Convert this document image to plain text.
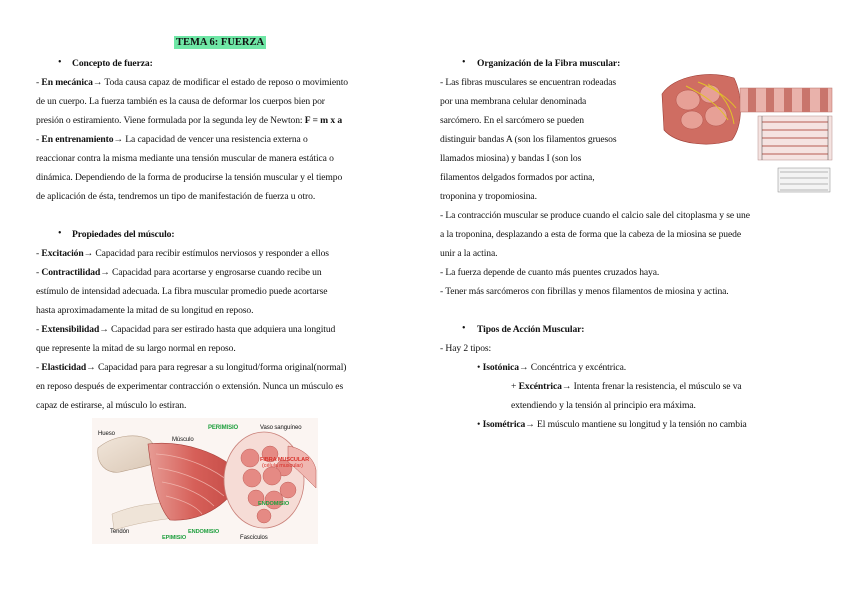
TEMA 6: FUERZA
• Concepto de fuerza:
- En mecánica→ Toda causa capaz de modificar el estado de reposo o movimiento
de un cuerpo. La fuerza también es la causa de deformar los cuerpos bien por
presión o estiramiento. Viene formulada por la segunda ley de Newton: F = m x a
- En entrenamiento→ La capacidad de vencer una resistencia externa o
reaccionar contra la misma mediante una tensión muscular de manera estática o
dinámica. Dependiendo de la forma de producirse la tensión muscular y el tiempo
de aplicación de ésta, tendremos un tipo de manifestación de fuerza u otro.
• Propiedades del músculo:
- Excitación→ Capacidad para recibir estímulos nerviosos y responder a ellos
- Contractilidad→ Capacidad para acortarse y engrosarse cuando recibe un
estímulo de intensidad adecuada. La fibra muscular promedio puede acortarse
hasta aproximadamente la mitad de su longitud en reposo.
- Extensibilidad→ Capacidad para ser estirado hasta que adquiera una longitud
que represente la mitad de su largo normal en reposo.
- Elasticidad→ Capacidad para para regresar a su longitud/forma original(normal)
en reposo después de experimentar contracción o extensión. Nunca un músculo es
capaz de estirarse, al músculo lo estiran.
Hueso
Músculo
PERIMISIO	Vaso sanguíneo
FIBRA MUSCULAR
(célula muscular)
ENDOMISIO
Tendón
EPIMISIO
ENDOMISIO
Fascículos
• Organización de la Fibra muscular:
- Las fibras musculares se encuentran rodeadas
por una membrana celular denominada
sarcómero. En el sarcómero se pueden
distinguir bandas A (son los filamentos gruesos
llamados miosina) y bandas I (son los
filamentos delgados formados por actina,
troponina y tropomiosina.
- La contracción muscular se produce cuando el calcio sale del citoplasma y se une
a la troponina, desplazando a esta de forma que la cabeza de la miosina se puede
unir a la actina.
- La fuerza depende de cuanto más puentes cruzados haya.
- Tener más sarcómeros con fibrillas y menos filamentos de miosina y actina.
• Tipos de Acción Muscular:
- Hay 2 tipos:
• Isotónica→ Concéntrica y excéntrica.
+ Excéntrica→ Intenta frenar la resistencia, el músculo se va
extendiendo y la tensión al principio era máxima.
• Isométrica→ El músculo mantiene su longitud y la tensión no cambia
